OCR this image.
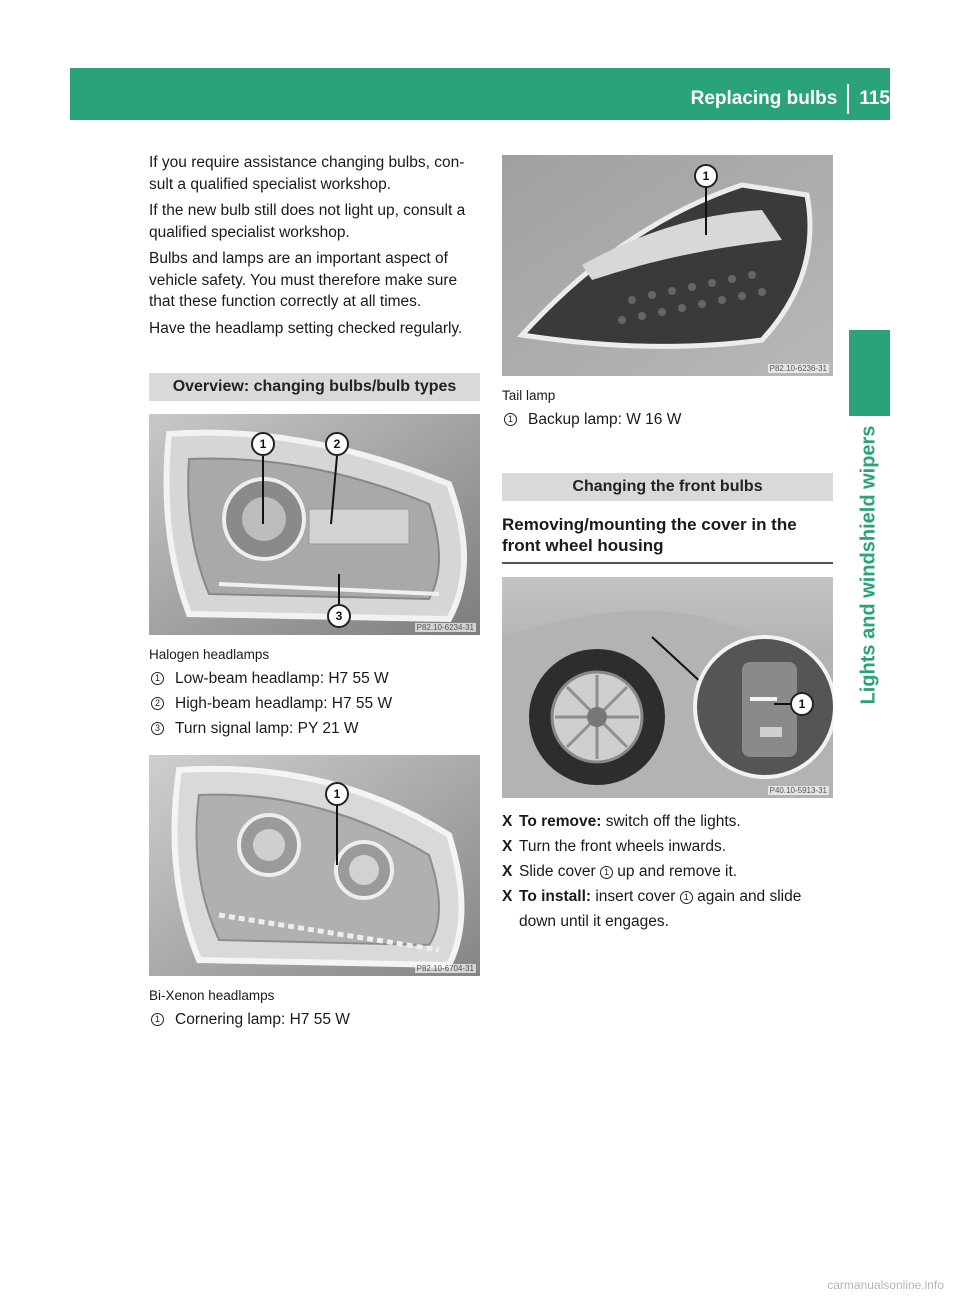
Replacing bulbs	115
Lights and windshield wipers

If you require assistance changing bulbs, con-sult a qualified specialist workshop.

If the new bulb still does not light up, consult a qualified specialist workshop.

Bulbs and lamps are an important aspect of vehicle safety. You must therefore make sure that these function correctly at all times.

Have the headlamp setting checked regularly.

Overview: changing bulbs/bulb types
1	2
3
P82.10-6234-31
Halogen headlamps
1 Low-beam headlamp: H7 55 W
2 High-beam headlamp: H7 55 W
3 Turn signal lamp: PY 21 W
1
P82.10-6704-31
Bi-Xenon headlamps
1 Cornering lamp: H7 55 W
1
P82.10-6236-31
Tail lamp
1 Backup lamp: W 16 W
Changing the front bulbs
Removing/mounting the cover in the front wheel housing
1
P40.10-5913-31
X To remove: switch off the lights.
X Turn the front wheels inwards.
X Slide cover 1 up and remove it.
X To install: insert cover 1 again and slide down until it engages.
carmanualsonline.info
